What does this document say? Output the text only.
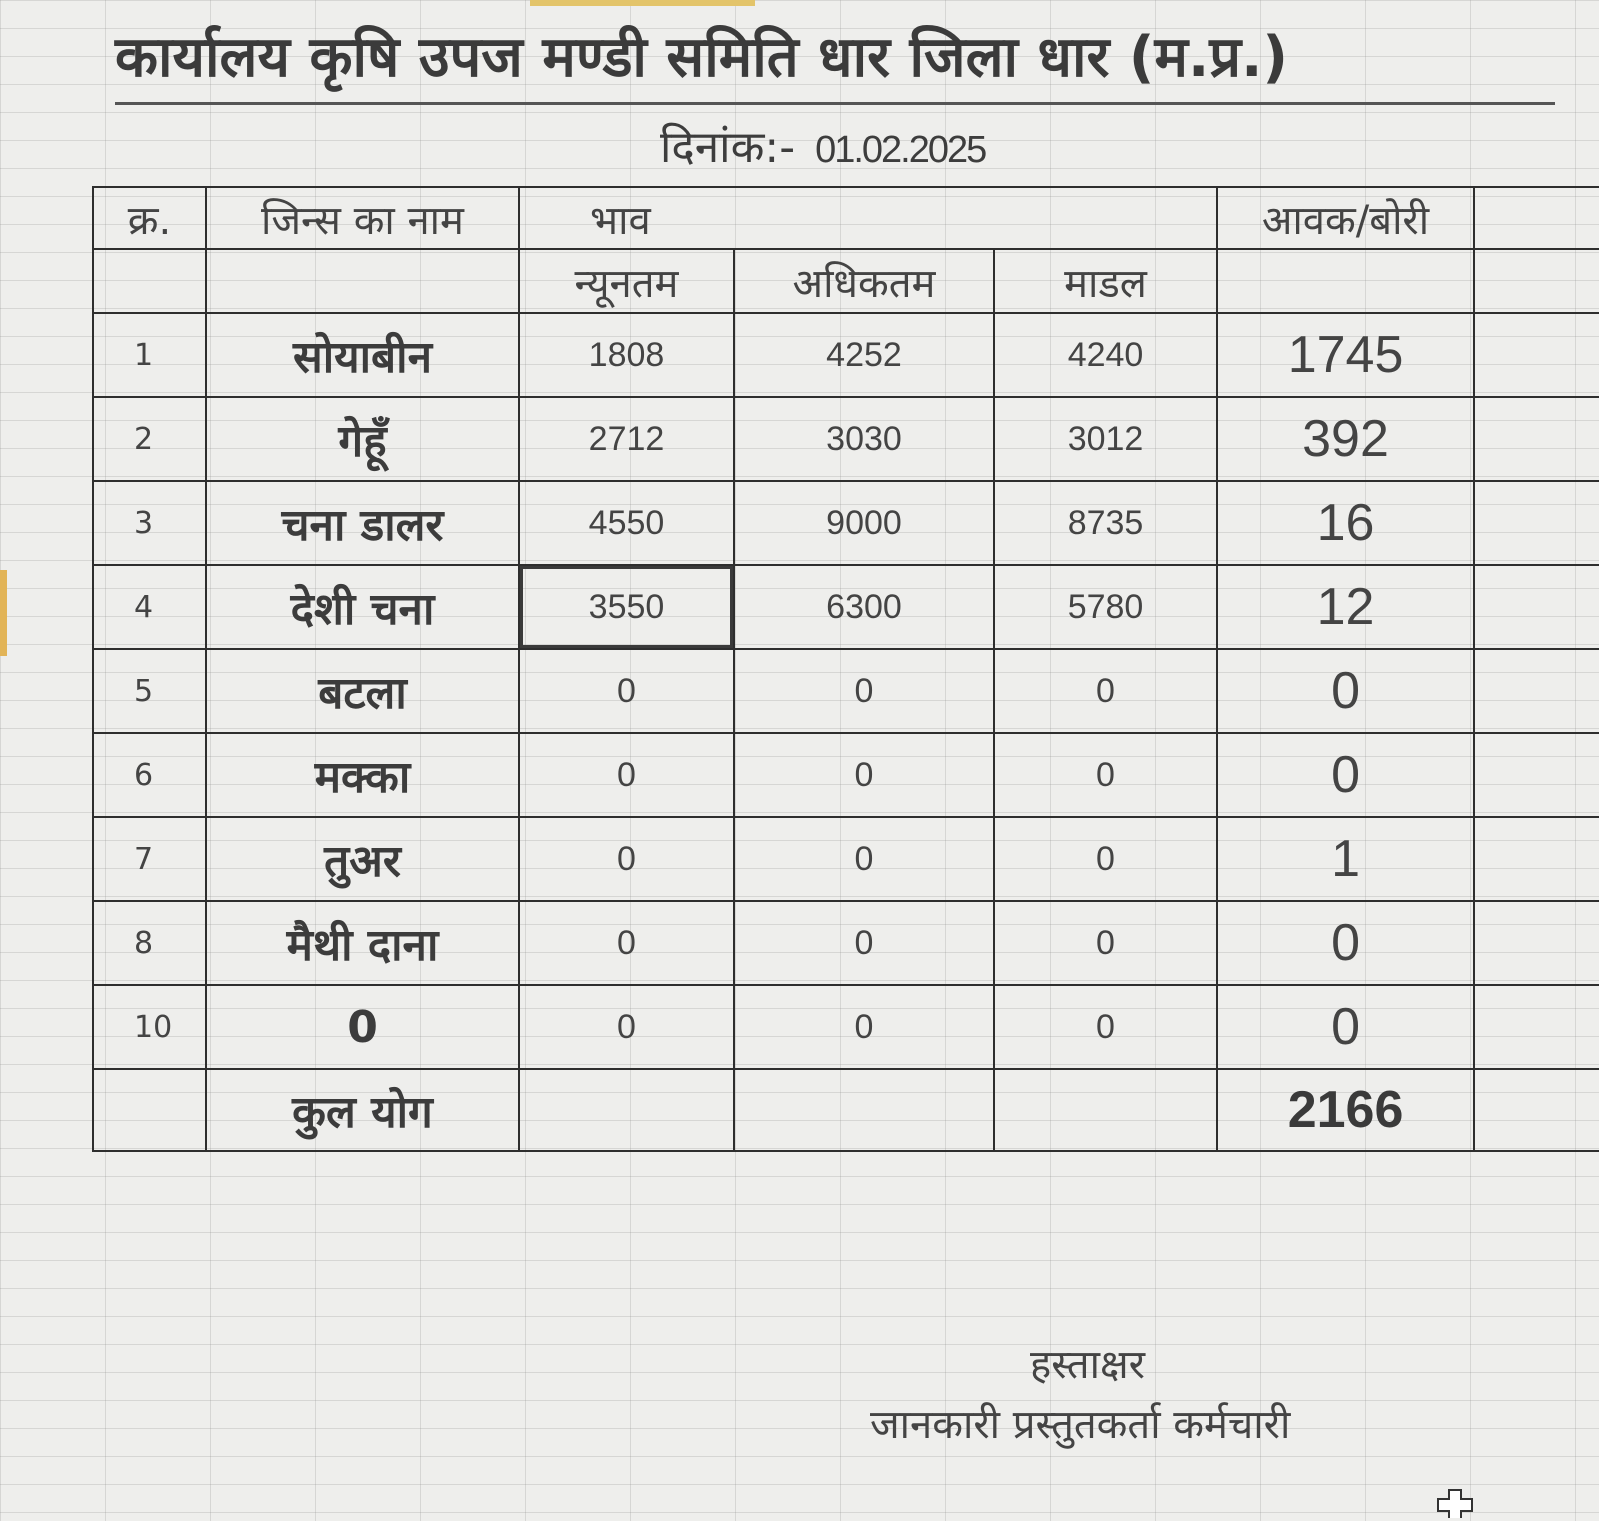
कार्यालय कृषि उपज मण्डी समिति धार जिला धार (म.प्र.)
दिनांक:- 01.02.2025
क्र.	जिन्स का नाम	भाव			आवक/बोरी	
		न्यूनतम	अधिकतम	माडल		
1	सोयाबीन	1808	4252	4240	1745	
2	गेहूँ	2712	3030	3012	392	
3	चना डालर	4550	9000	8735	16	
4	देशी चना	3550	6300	5780	12	
5	बटला	0	0	0	0	
6	मक्का	0	0	0	0	
7	तुअर	0	0	0	1	
8	मैथी दाना	0	0	0	0	
10	0	0	0	0	0	
	कुल योग				2166	
हस्ताक्षर
जानकारी प्रस्तुतकर्ता कर्मचारी
